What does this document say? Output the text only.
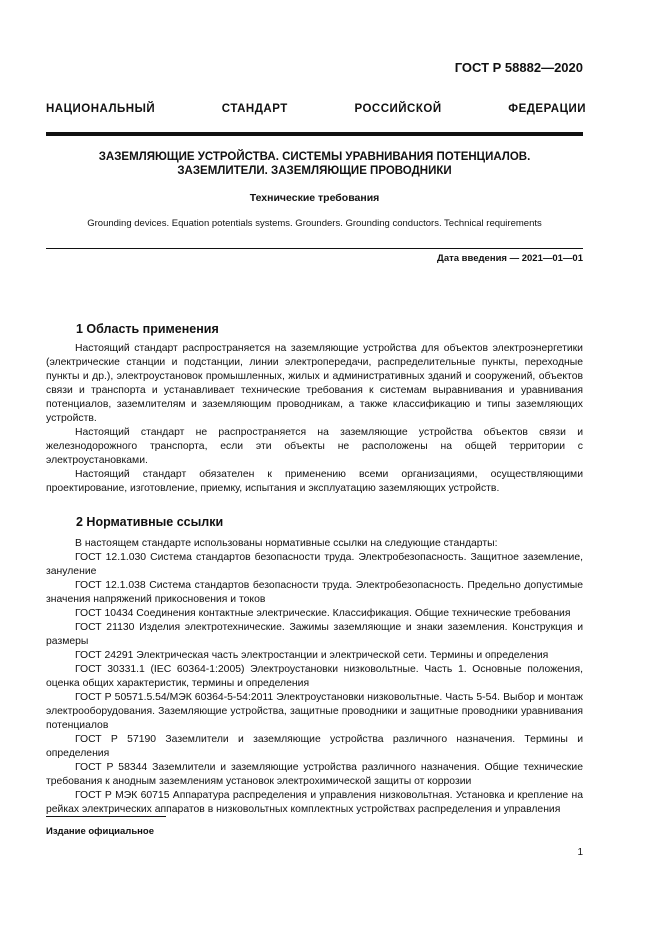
ГОСТ Р 58882—2020
НАЦИОНАЛЬНЫЙ СТАНДАРТ РОССИЙСКОЙ ФЕДЕРАЦИИ
ЗАЗЕМЛЯЮЩИЕ УСТРОЙСТВА. СИСТЕМЫ УРАВНИВАНИЯ ПОТЕНЦИАЛОВ.
ЗАЗЕМЛИТЕЛИ. ЗАЗЕМЛЯЮЩИЕ ПРОВОДНИКИ
Технические требования
Grounding devices. Equation potentials systems. Grounders. Grounding conductors. Technical requirements
Дата введения — 2021—01—01
1 Область применения

Настоящий стандарт распространяется на заземляющие устройства для объектов электроэнергетики (электрические станции и подстанции, линии электропередачи, распределительные пункты, переходные пункты и др.), электроустановок промышленных, жилых и административных зданий и сооружений, объектов связи и транспорта и устанавливает технические требования к системам выравнивания и уравнивания потенциалов, заземлителям и заземляющим проводникам, а также классификацию и типы заземляющих устройств.

Настоящий стандарт не распространяется на заземляющие устройства объектов связи и железнодорожного транспорта, если эти объекты не расположены на общей территории с электроустановками.

Настоящий стандарт обязателен к применению всеми организациями, осуществляющими проектирование, изготовление, приемку, испытания и эксплуатацию заземляющих устройств.

2 Нормативные ссылки

В настоящем стандарте использованы нормативные ссылки на следующие стандарты:

ГОСТ 12.1.030 Система стандартов безопасности труда. Электробезопасность. Защитное заземление, зануление

ГОСТ 12.1.038 Система стандартов безопасности труда. Электробезопасность. Предельно допустимые значения напряжений прикосновения и токов

ГОСТ 10434 Соединения контактные электрические. Классификация. Общие технические требования

ГОСТ 21130 Изделия электротехнические. Зажимы заземляющие и знаки заземления. Конструкция и размеры

ГОСТ 24291 Электрическая часть электростанции и электрической сети. Термины и определения

ГОСТ 30331.1 (IEC 60364-1:2005) Электроустановки низковольтные. Часть 1. Основные положения, оценка общих характеристик, термины и определения

ГОСТ Р 50571.5.54/МЭК 60364-5-54:2011 Электроустановки низковольтные. Часть 5-54. Выбор и монтаж электрооборудования. Заземляющие устройства, защитные проводники и защитные проводники уравнивания потенциалов

ГОСТ Р 57190 Заземлители и заземляющие устройства различного назначения. Термины и определения

ГОСТ Р 58344 Заземлители и заземляющие устройства различного назначения. Общие технические требования к анодным заземлениям установок электрохимической защиты от коррозии

ГОСТ Р МЭК 60715 Аппаратура распределения и управления низковольтная. Установка и крепление на рейках электрических аппаратов в низковольтных комплектных устройствах распределения и управления

Издание официальное
1
